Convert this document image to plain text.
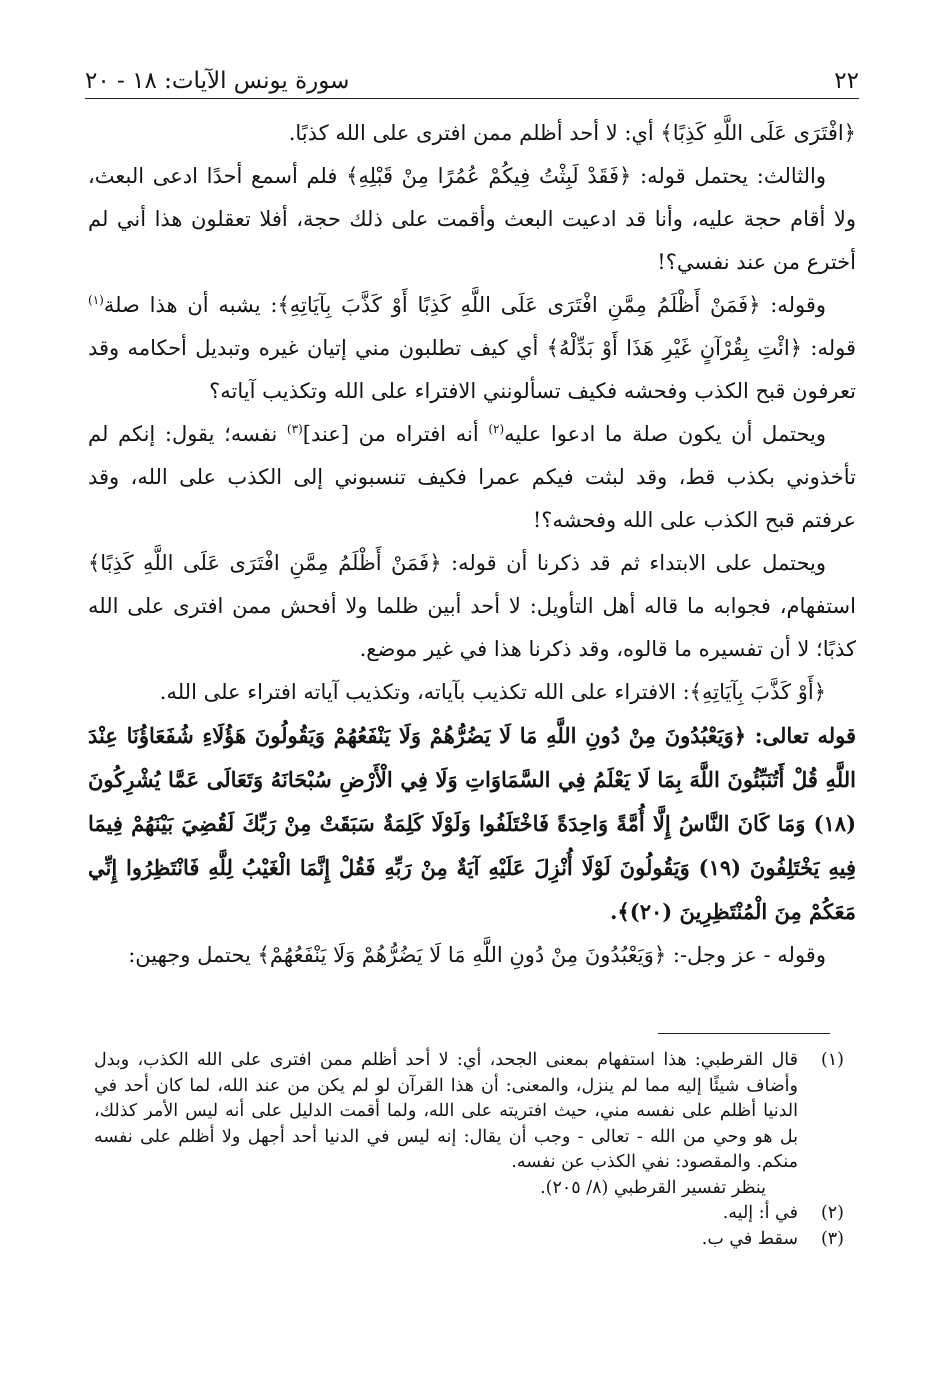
٢٢
سورة يونس الآيات: ١٨ - ٢٠

﴿افْتَرَى عَلَى اللَّهِ كَذِبًا﴾ أي: لا أحد أظلم ممن افترى على الله كذبًا.

والثالث: يحتمل قوله: ﴿فَقَدْ لَبِثْتُ فِيكُمْ عُمُرًا مِنْ قَبْلِهِ﴾ فلم أسمع أحدًا ادعى البعث، ولا أقام حجة عليه، وأنا قد ادعيت البعث وأقمت على ذلك حجة، أفلا تعقلون هذا أني لم أخترع من عند نفسي؟!

وقوله: ﴿فَمَنْ أَظْلَمُ مِمَّنِ افْتَرَى عَلَى اللَّهِ كَذِبًا أَوْ كَذَّبَ بِآيَاتِهِ﴾: يشبه أن هذا صلة$^{(١)}$ قوله: ﴿ائْتِ بِقُرْآنٍ غَيْرِ هَذَا أَوْ بَدِّلْهُ﴾ أي كيف تطلبون مني إتيان غيره وتبديل أحكامه وقد تعرفون قبح الكذب وفحشه فكيف تسألونني الافتراء على الله وتكذيب آياته؟

ويحتمل أن يكون صلة ما ادعوا عليه$^{(٢)}$ أنه افتراه من [عند]$^{(٣)}$ نفسه؛ يقول: إنكم لم تأخذوني بكذب قط، وقد لبثت فيكم عمرا فكيف تنسبوني إلى الكذب على الله، وقد عرفتم قبح الكذب على الله وفحشه؟!

ويحتمل على الابتداء ثم قد ذكرنا أن قوله: ﴿فَمَنْ أَظْلَمُ مِمَّنِ افْتَرَى عَلَى اللَّهِ كَذِبًا﴾ استفهام، فجوابه ما قاله أهل التأويل: لا أحد أبين ظلما ولا أفحش ممن افترى على الله كذبًا؛ لا أن تفسيره ما قالوه، وقد ذكرنا هذا في غير موضع.

﴿أَوْ كَذَّبَ بِآيَاتِهِ﴾: الافتراء على الله تكذيب بآياته، وتكذيب آياته افتراء على الله.

قوله تعالى: ﴿وَيَعْبُدُونَ مِنْ دُونِ اللَّهِ مَا لَا يَضُرُّهُمْ وَلَا يَنْفَعُهُمْ وَيَقُولُونَ هَؤُلَاءِ شُفَعَاؤُنَا عِنْدَ اللَّهِ قُلْ أَتُنَبِّئُونَ اللَّهَ بِمَا لَا يَعْلَمُ فِي السَّمَاوَاتِ وَلَا فِي الْأَرْضِ سُبْحَانَهُ وَتَعَالَى عَمَّا يُشْرِكُونَ (١٨) وَمَا كَانَ النَّاسُ إِلَّا أُمَّةً وَاحِدَةً فَاخْتَلَفُوا وَلَوْلَا كَلِمَةٌ سَبَقَتْ مِنْ رَبِّكَ لَقُضِيَ بَيْنَهُمْ فِيمَا فِيهِ يَخْتَلِفُونَ (١٩) وَيَقُولُونَ لَوْلَا أُنْزِلَ عَلَيْهِ آيَةٌ مِنْ رَبِّهِ فَقُلْ إِنَّمَا الْغَيْبُ لِلَّهِ فَانْتَظِرُوا إِنِّي مَعَكُمْ مِنَ الْمُنْتَظِرِينَ (٢٠)﴾.

وقوله - عز وجل-: ﴿وَيَعْبُدُونَ مِنْ دُونِ اللَّهِ مَا لَا يَضُرُّهُمْ وَلَا يَنْفَعُهُمْ﴾ يحتمل وجهين:

(١)
قال القرطبي: هذا استفهام بمعنى الجحد، أي: لا أحد أظلم ممن افترى على الله الكذب، وبدل وأضاف شيئًا إليه مما لم ينزل، والمعنى: أن هذا القرآن لو لم يكن من عند الله، لما كان أحد في الدنيا أظلم على نفسه مني، حيث افتريته على الله، ولما أقمت الدليل على أنه ليس الأمر كذلك، بل هو وحي من الله - تعالى - وجب أن يقال: إنه ليس في الدنيا أحد أجهل ولا أظلم على نفسه منكم. والمقصود: نفي الكذب عن نفسه.
ينظر تفسير القرطبي (٨/ ٢٠٥).
(٢)
في أ: إليه.
(٣)
سقط في ب.
